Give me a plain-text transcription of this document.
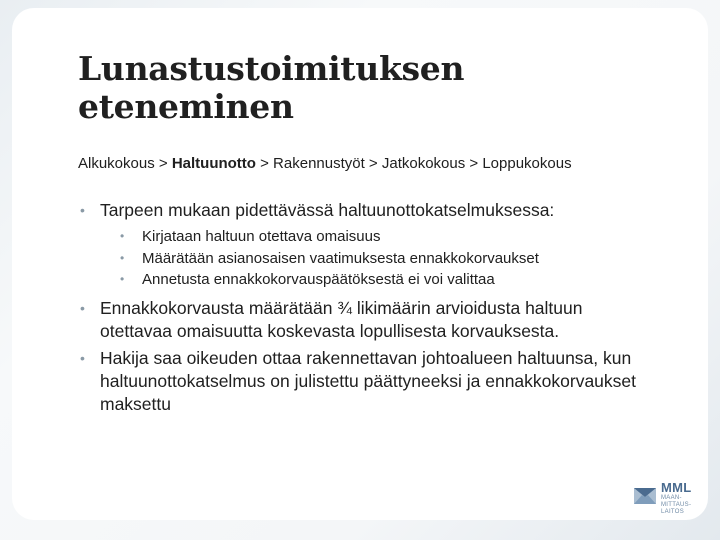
Lunastustoimituksen
eteneminen
Alkukokous > Haltuunotto > Rakennustyöt > Jatkokokous > Loppukokous
• Tarpeen mukaan pidettävässä haltuunottokatselmuksessa:
• Kirjataan haltuun otettava omaisuus
• Määrätään asianosaisen vaatimuksesta ennakkokorvaukset
• Annetusta ennakkokorvauspäätöksestä ei voi valittaa
• Ennakkokorvausta määrätään ¾ likimäärin arvioidusta haltuun otettavaa omaisuutta koskevasta lopullisesta korvauksesta.
• Hakija saa oikeuden ottaa rakennettavan johtoalueen haltuunsa, kun haltuunottokatselmus on julistettu päättyneeksi ja ennakkokorvaukset maksettu
MML
MAAN-
MITTAUS-
LAITOS
